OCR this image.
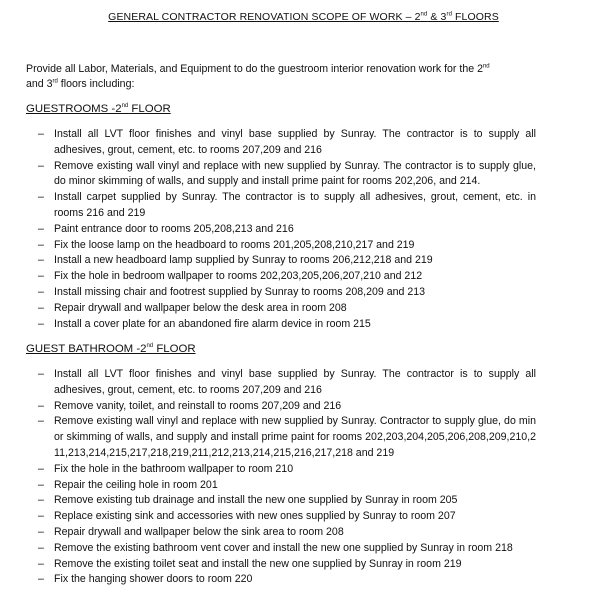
GENERAL CONTRACTOR RENOVATION SCOPE OF WORK – 2nd & 3rd FLOORS
Provide all Labor, Materials, and Equipment to do the guestroom interior renovation work for the 2nd
and 3rd floors including:
GUESTROOMS -2nd FLOOR
– Install all LVT floor finishes and vinyl base supplied by Sunray. The contractor is to supply all adhesives, grout, cement, etc. to rooms 207,209 and 216
– Remove existing wall vinyl and replace with new supplied by Sunray. The contractor is to supply glue, do minor skimming of walls, and supply and install prime paint for rooms 202,206, and 214.
– Install carpet supplied by Sunray. The contractor is to supply all adhesives, grout, cement, etc. in rooms 216 and 219
– Paint entrance door to rooms 205,208,213 and 216
– Fix the loose lamp on the headboard to rooms 201,205,208,210,217 and 219
– Install a new headboard lamp supplied by Sunray to rooms 206,212,218 and 219
– Fix the hole in bedroom wallpaper to rooms 202,203,205,206,207,210 and 212
– Install missing chair and footrest supplied by Sunray to rooms 208,209 and 213
– Repair drywall and wallpaper below the desk area in room 208
– Install a cover plate for an abandoned fire alarm device in room 215
GUEST BATHROOM -2nd FLOOR
– Install all LVT floor finishes and vinyl base supplied by Sunray. The contractor is to supply all adhesives, grout, cement, etc. to rooms 207,209 and 216
– Remove vanity, toilet, and reinstall to rooms 207,209 and 216
– Remove existing wall vinyl and replace with new supplied by Sunray. Contractor to supply glue, do minor skimming of walls, and supply and install prime paint for rooms 202,203,204,205,206,208,209,210,211,213,214,215,217,218,219,211,212,213,214,215,216,217,218 and 219
– Fix the hole in the bathroom wallpaper to room 210
– Repair the ceiling hole in room 201
– Remove existing tub drainage and install the new one supplied by Sunray in room 205
– Replace existing sink and accessories with new ones supplied by Sunray to room 207
– Repair drywall and wallpaper below the sink area to room 208
– Remove the existing bathroom vent cover and install the new one supplied by Sunray in room 218
– Remove the existing toilet seat and install the new one supplied by Sunray in room 219
– Fix the hanging shower doors to room 220
